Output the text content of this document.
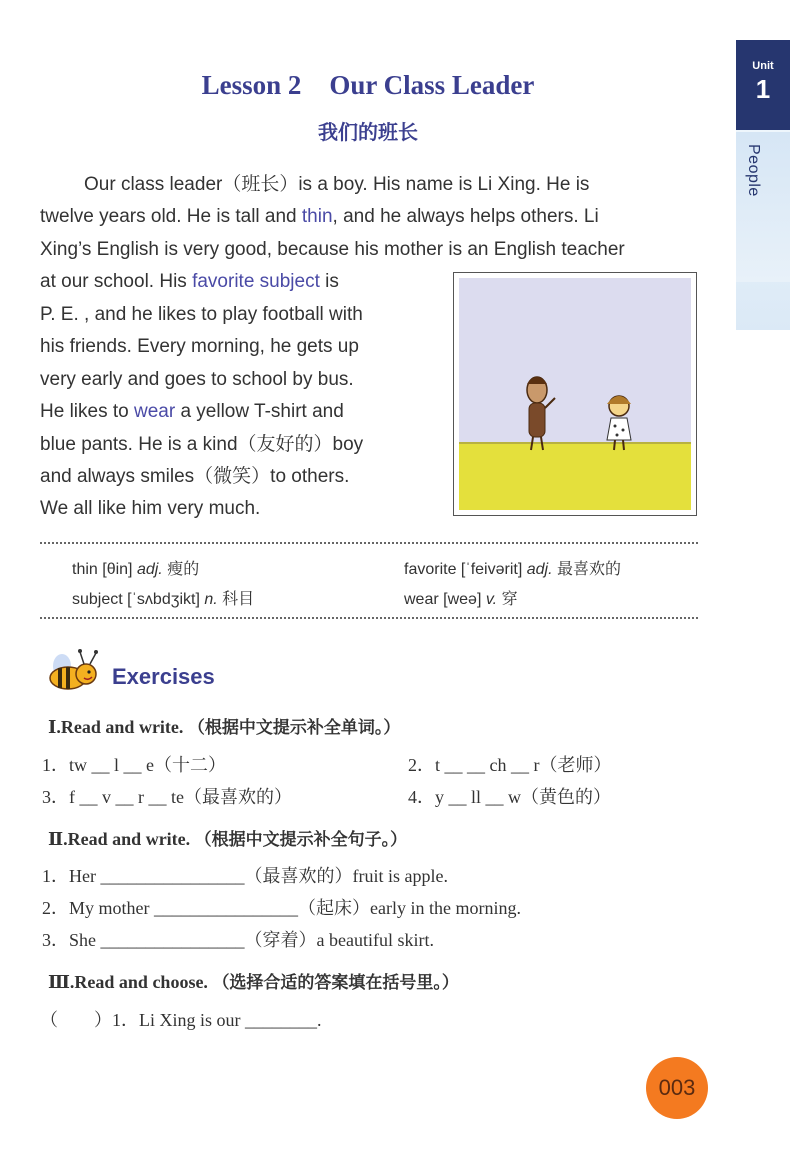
Unit
1
People
Lesson 2 Our Class Leader
我们的班长
Our class leader（班长）is a boy. His name is Li Xing. He is
twelve years old. He is tall and thin, and he always helps others. Li
Xing’s English is very good, because his mother is an English teacher
at our school. His favorite subject is
P. E. , and he likes to play football with
his friends. Every morning, he gets up
very early and goes to school by bus.
He likes to wear a yellow T-shirt and
blue pants. He is a kind（友好的）boy
and always smiles（微笑）to others.
We all like him very much.
thin [θin] adj. 瘦的	favorite [ˈfeivərit] adj. 最喜欢的
subject [ˈsʌbdʒikt] n. 科目	wear [weə] v. 穿
Exercises
Ⅰ.Read and write. （根据中文提示补全单词。）
1．tw __ l __ e（十二）	2．t __ __ ch __ r（老师）
3．f __ v __ r __ te（最喜欢的）	4．y __ ll __ w（黄色的）
Ⅱ.Read and write. （根据中文提示补全句子。）
1．Her ________________（最喜欢的）fruit is apple.
2．My mother ________________（起床）early in the morning.
3．She ________________（穿着）a beautiful skirt.
Ⅲ.Read and choose. （选择合适的答案填在括号里。）
（　　）1．Li Xing is our ________.
003
